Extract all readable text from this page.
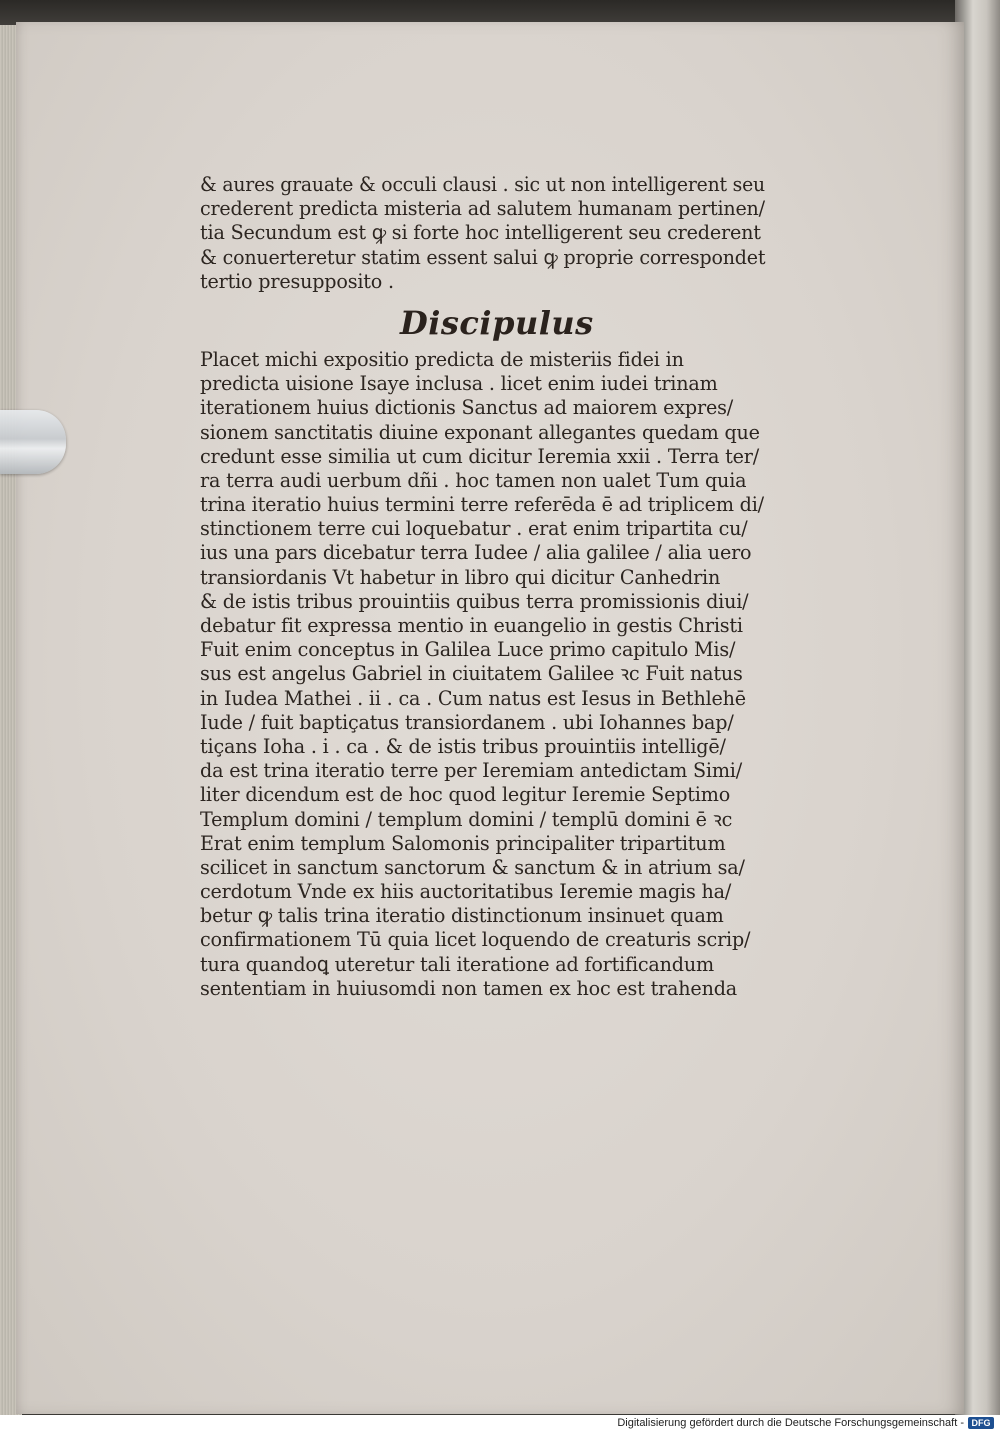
& aures grauate & occuli clausi . sic ut non intelligerent seu
crederent predicta misteria ad salutem humanam pertinen/
tia Secundum est ꝙ si forte hoc intelligerent seu crederent
& conuerteretur statim essent salui ꝙ proprie correspondet
tertio presupposito .
Discipulus
Placet michi expositio predicta de misteriis fidei in
predicta uisione Isaye inclusa . licet enim iudei trinam
iterationem huius dictionis Sanctus ad maiorem expres/
sionem sanctitatis diuine exponant allegantes quedam que
credunt esse similia ut cum dicitur Ieremia xxii . Terra ter/
ra terra audi uerbum dñi . hoc tamen non ualet Tum quia
trina iteratio huius termini terre referēda ē ad triplicem di/
stinctionem terre cui loquebatur . erat enim tripartita cu/
ius una pars dicebatur terra Iudee / alia galilee / alia uero
transiordanis Vt habetur in libro qui dicitur Canhedrin
& de istis tribus prouintiis quibus terra promissionis diui/
debatur fit expressa mentio in euangelio in gestis Christi
Fuit enim conceptus in Galilea Luce primo capitulo Mis/
sus est angelus Gabriel in ciuitatem Galilee ꝛc Fuit natus
in Iudea Mathei . ii . ca . Cum natus est Iesus in Bethlehē
Iude / fuit baptiçatus transiordanem . ubi Iohannes bap/
tiçans Ioha . i . ca . & de istis tribus prouintiis intelligē/
da est trina iteratio terre per Ieremiam antedictam Simi/
liter dicendum est de hoc quod legitur Ieremie Septimo
Templum domini / templum domini / templū domini ē ꝛc
Erat enim templum Salomonis principaliter tripartitum
scilicet in sanctum sanctorum & sanctum & in atrium sa/
cerdotum Vnde ex hiis auctoritatibus Ieremie magis ha/
betur ꝙ talis trina iteratio distinctionum insinuet quam
confirmationem Tū quia licet loquendo de creaturis scrip/
tura quandoꝗ uteretur tali iteratione ad fortificandum
sententiam in huiusomdi non tamen ex hoc est trahenda
Digitalisierung gefördert durch die Deutsche Forschungsgemeinschaft - DFG
